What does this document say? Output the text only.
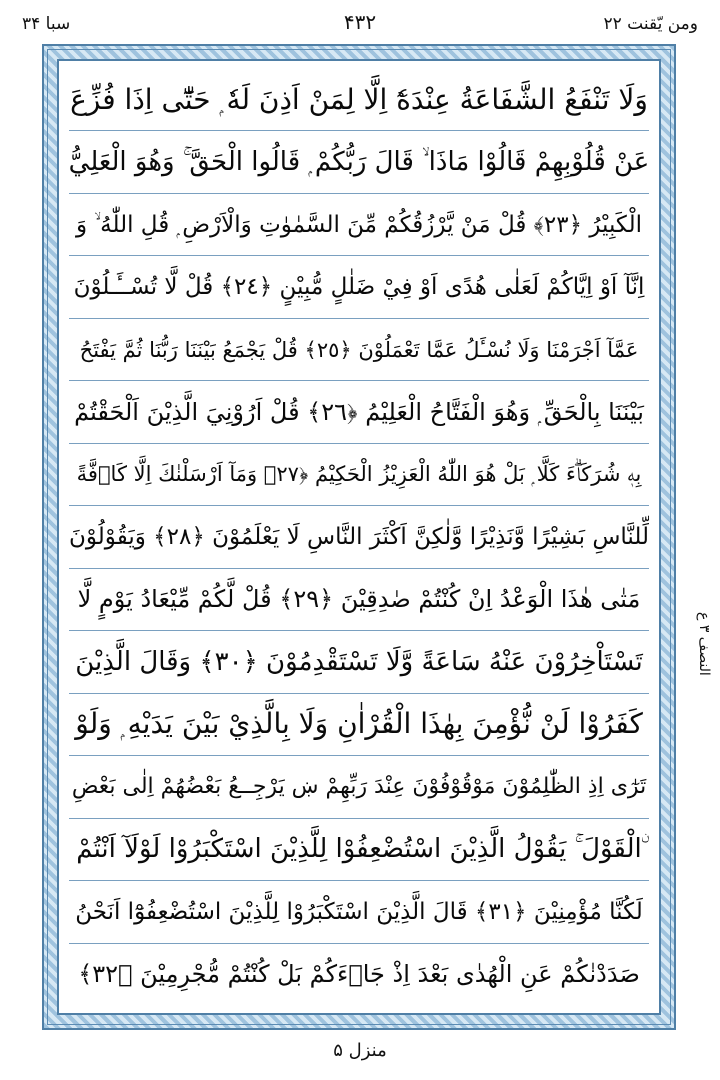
سبا ۳۴	۴۳۲	ومن يّقنت ۲۲
وَلَا تَنْفَعُ الشَّفَاعَةُ عِنْدَهٗٓ اِلَّا لِمَنْ اَذِنَ لَهٗ ۭ حَتّٰٓى اِذَا فُزِّعَ
عَنْ قُلُوْبِهِمْ قَالُوْا مَاذَا ۙ قَالَ رَبُّكُمْ ۭ قَالُوا الْحَقَّ ۚ وَهُوَ الْعَلِيُّ
الْكَبِيْرُ ﴿٢٣﴾ قُلْ مَنْ يَّرْزُقُكُمْ مِّنَ السَّمٰوٰتِ وَالْاَرْضِ ۭ قُلِ اللّٰهُ ۙ وَ
اِنَّآ اَوْ اِيَّاكُمْ لَعَلٰى هُدًى اَوْ فِيْ ضَلٰلٍ مُّبِيْنٍ ﴿٢٤﴾ قُلْ لَّا تُسْــَٔـلُوْنَ
عَمَّآ اَجْرَمْنَا وَلَا نُسْـَٔلُ عَمَّا تَعْمَلُوْنَ ﴿٢٥﴾ قُلْ يَجْمَعُ بَيْنَنَا رَبُّنَا ثُمَّ يَفْتَحُ
بَيْنَنَا بِالْحَقِّ ۭ وَهُوَ الْفَتَّاحُ الْعَلِيْمُ ﴿٢٦﴾ قُلْ اَرُوْنِيَ الَّذِيْنَ اَلْحَقْتُمْ
بِهٖ شُرَكَاۗءَ كَلَّا ۭ بَلْ هُوَ اللّٰهُ الْعَزِيْزُ الْحَكِيْمُ ﴿٢٧﴾ وَمَآ اَرْسَلْنٰكَ اِلَّا كَاۗفَّةً
لِّلنَّاسِ بَشِيْرًا وَّنَذِيْرًا وَّلٰكِنَّ اَكْثَرَ النَّاسِ لَا يَعْلَمُوْنَ ﴿٢٨﴾ وَيَقُوْلُوْنَ
مَتٰى هٰذَا الْوَعْدُ اِنْ كُنْتُمْ صٰدِقِيْنَ ﴿٢٩﴾ قُلْ لَّكُمْ مِّيْعَادُ يَوْمٍ لَّا
تَسْتَاْخِرُوْنَ عَنْهُ سَاعَةً وَّلَا تَسْتَقْدِمُوْنَ ﴿٣٠﴾ وَقَالَ الَّذِيْنَ
كَفَرُوْا لَنْ نُّؤْمِنَ بِھٰذَا الْقُرْاٰنِ وَلَا بِالَّذِيْ بَيْنَ يَدَيْهِ ۭ وَلَوْ
تَرٰٓى اِذِ الظّٰلِمُوْنَ مَوْقُوْفُوْنَ عِنْدَ رَبِّهِمْ ښ يَرْجِــعُ بَعْضُهُمْ اِلٰى بَعْضِ
ۨالْقَوْلَ ۚ يَقُوْلُ الَّذِيْنَ اسْتُضْعِفُوْا لِلَّذِيْنَ اسْتَكْبَرُوْا لَوْلَآ اَنْتُمْ
لَكُنَّا مُؤْمِنِيْنَ ﴿٣١﴾ قَالَ الَّذِيْنَ اسْتَكْبَرُوْا لِلَّذِيْنَ اسْتُضْعِفُوْٓا اَنَحْنُ
صَدَدْنٰكُمْ عَنِ الْهُدٰى بَعْدَ اِذْ جَاۗءَكُمْ بَلْ كُنْتُمْ مُّجْرِمِيْنَ ﴿٣٢﴾
النصف ۳ ع
منزل ۵
